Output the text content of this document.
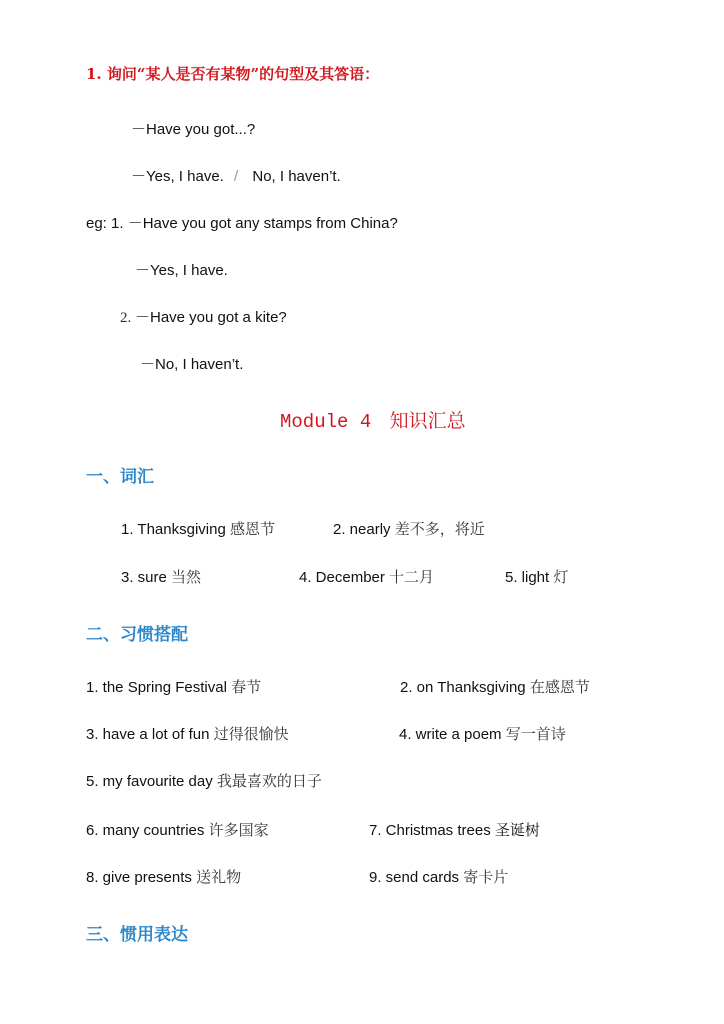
1. 询问“某人是否有某物”的句型及其答语：
－Have you got...?
－Yes, I have. / No, I haven’t.
eg: 1. －Have you got any stamps from China?
－Yes, I have.
2. －Have you got a kite?
－No, I haven’t.
Module 4 知识汇总
一、词汇
1. Thanksgiving 感恩节	2. nearly 差不多，将近
3. sure 当然	4. December 十二月	5. light 灯
二、习惯搭配
1. the Spring Festival 春节	2. on Thanksgiving 在感恩节
3. have a lot of fun 过得很愉快	4. write a poem 写一首诗
5. my favourite day 我最喜欢的日子
6. many countries 许多国家	7. Christmas trees 圣诞树
8. give presents 送礼物	9. send cards 寄卡片
三、惯用表达
